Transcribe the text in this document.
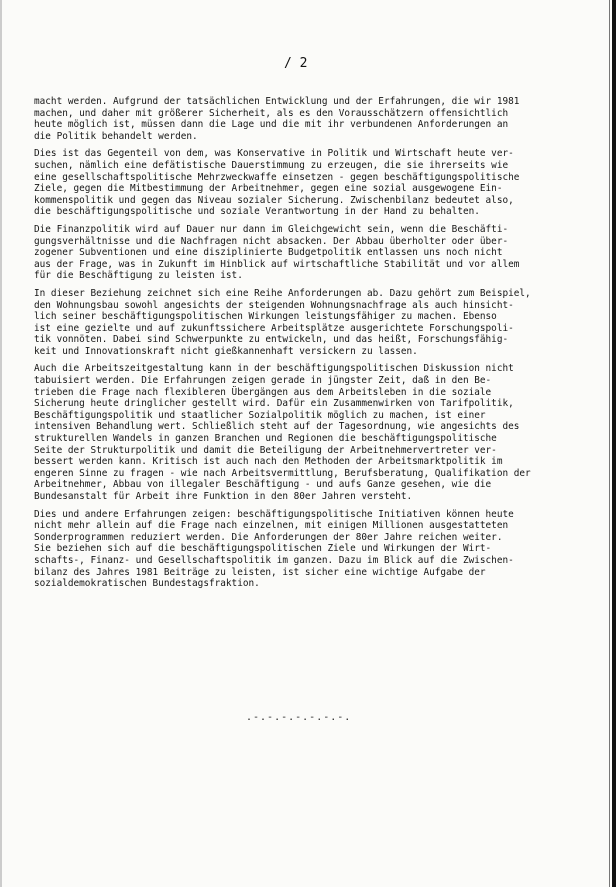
/ 2
macht werden. Aufgrund der tatsächlichen Entwicklung und der Erfahrungen, die wir 1981
machen, und daher mit größerer Sicherheit, als es den Vorausschätzern offensichtlich
heute möglich ist, müssen dann die Lage und die mit ihr verbundenen Anforderungen an
die Politik behandelt werden.
Dies ist das Gegenteil von dem, was Konservative in Politik und Wirtschaft heute ver-
suchen, nämlich eine defätistische Dauerstimmung zu erzeugen, die sie ihrerseits wie
eine gesellschaftspolitische Mehrzweckwaffe einsetzen - gegen beschäftigungspolitische
Ziele, gegen die Mitbestimmung der Arbeitnehmer, gegen eine sozial ausgewogene Ein-
kommenspolitik und gegen das Niveau sozialer Sicherung. Zwischenbilanz bedeutet also,
die beschäftigungspolitische und soziale Verantwortung in der Hand zu behalten.
Die Finanzpolitik wird auf Dauer nur dann im Gleichgewicht sein, wenn die Beschäfti-
gungsverhältnisse und die Nachfragen nicht absacken. Der Abbau überholter oder über-
zogener Subventionen und eine disziplinierte Budgetpolitik entlassen uns noch nicht
aus der Frage, was in Zukunft im Hinblick auf wirtschaftliche Stabilität und vor allem
für die Beschäftigung zu leisten ist.
In dieser Beziehung zeichnet sich eine Reihe Anforderungen ab. Dazu gehört zum Beispiel,
den Wohnungsbau sowohl angesichts der steigenden Wohnungsnachfrage als auch hinsicht-
lich seiner beschäftigungspolitischen Wirkungen leistungsfähiger zu machen. Ebenso
ist eine gezielte und auf zukunftssichere Arbeitsplätze ausgerichtete Forschungspoli-
tik vonnöten. Dabei sind Schwerpunkte zu entwickeln, und das heißt, Forschungsfähig-
keit und Innovationskraft nicht gießkannenhaft versickern zu lassen.
Auch die Arbeitszeitgestaltung kann in der beschäftigungspolitischen Diskussion nicht
tabuisiert werden. Die Erfahrungen zeigen gerade in jüngster Zeit, daß in den Be-
trieben die Frage nach flexibleren Übergängen aus dem Arbeitsleben in die soziale
Sicherung heute dringlicher gestellt wird. Dafür ein Zusammenwirken von Tarifpolitik,
Beschäftigungspolitik und staatlicher Sozialpolitik möglich zu machen, ist einer
intensiven Behandlung wert. Schließlich steht auf der Tagesordnung, wie angesichts des
strukturellen Wandels in ganzen Branchen und Regionen die beschäftigungspolitische
Seite der Strukturpolitik und damit die Beteiligung der Arbeitnehmervertreter ver-
bessert werden kann. Kritisch ist auch nach den Methoden der Arbeitsmarktpolitik im
engeren Sinne zu fragen - wie nach Arbeitsvermittlung, Berufsberatung, Qualifikation der
Arbeitnehmer, Abbau von illegaler Beschäftigung - und aufs Ganze gesehen, wie die
Bundesanstalt für Arbeit ihre Funktion in den 80er Jahren versteht.
Dies und andere Erfahrungen zeigen: beschäftigungspolitische Initiativen können heute
nicht mehr allein auf die Frage nach einzelnen, mit einigen Millionen ausgestatteten
Sonderprogrammen reduziert werden. Die Anforderungen der 80er Jahre reichen weiter.
Sie beziehen sich auf die beschäftigungspolitischen Ziele und Wirkungen der Wirt-
schafts-, Finanz- und Gesellschaftspolitik im ganzen. Dazu im Blick auf die Zwischen-
bilanz des Jahres 1981 Beiträge zu leisten, ist sicher eine wichtige Aufgabe der
sozialdemokratischen Bundestagsfraktion.
.-.-.-.-.-.-.-.
